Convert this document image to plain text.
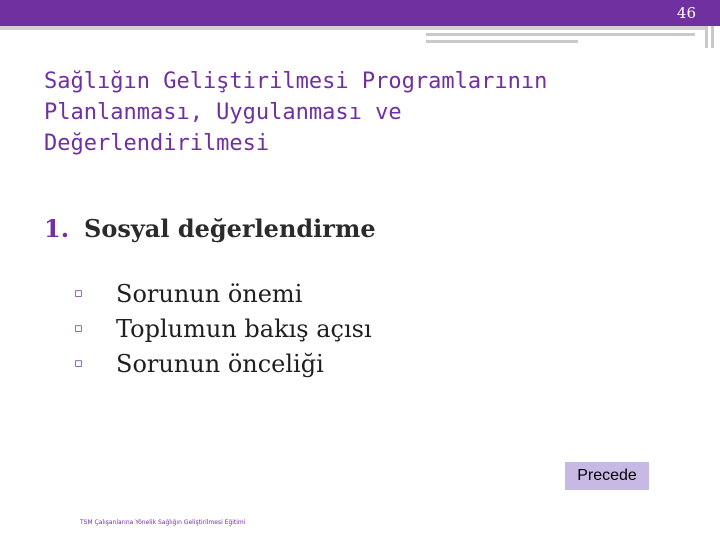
46
Sağlığın Geliştirilmesi Programlarının
Planlanması, Uygulanması ve
Değerlendirilmesi
1. Sosyal değerlendirme
▫	Sorunun önemi
▫	Toplumun bakış açısı
▫	Sorunun önceliği
Precede
TSM Çalışanlarına Yönelik Sağlığın Geliştirilmesi Eğitimi
